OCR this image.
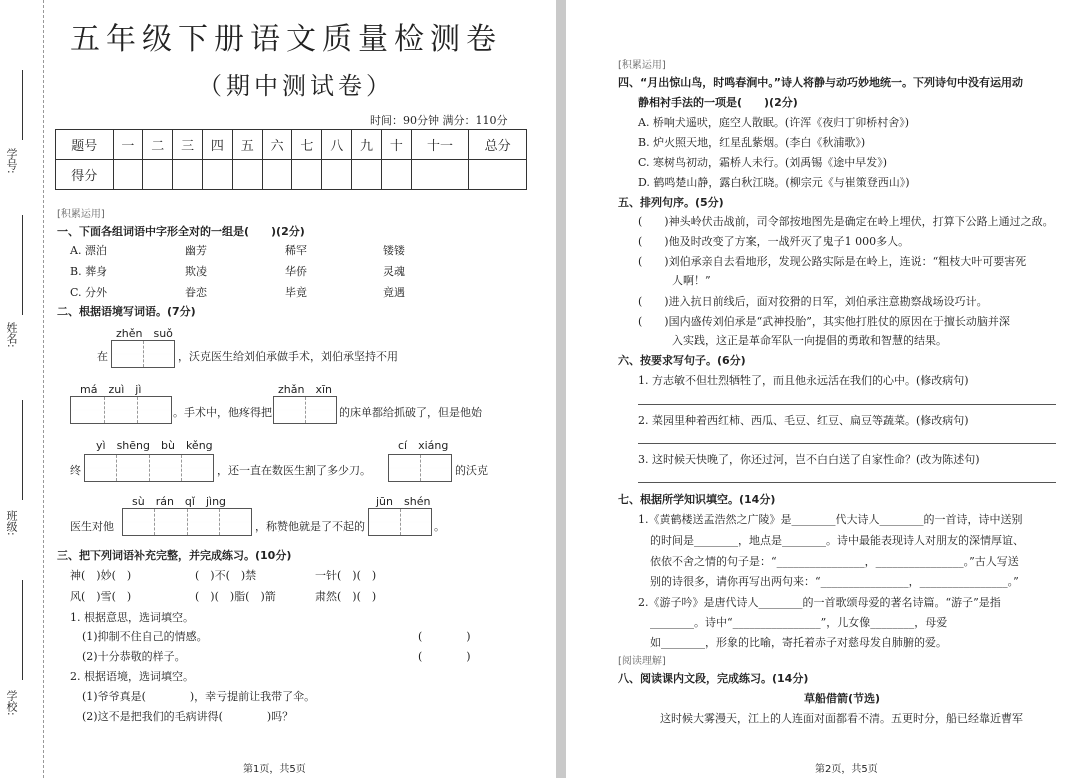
学号:
姓名:
班级:
学校:
五年级下册语文质量检测卷
（期中测试卷）
时间：90分钟 满分：110分
题号	一	二	三	四	五	六	七	八	九	十	十一	总分
得分												
[积累运用]
一、下面各组词语中字形全对的一组是(　　)(2分)
A. 漂泊	幽芳	稀罕	镂镂
B. 葬身	欺凌	华侨	灵魂
C. 分外	眷恋	毕竟	竟遇
二、根据语境写词语。(7分)
zhěn　suǒ
在	，沃克医生给刘伯承做手术，刘伯承坚持不用
má　zuì　jì	zhǎn　xīn
。手术中，他疼得把	的床单都给抓破了，但是他始
yì　shēng　bù　kěng	cí　xiáng
终	，还一直在数医生割了多少刀。	的沃克
sù　rán　qǐ　jìng	jūn　shén
医生对他	，称赞他就是了不起的	。
三、把下列词语补充完整，并完成练习。(10分)
神(　)妙(　)	(　)不(　)禁	一针(　)(　)
风(　)雪(　)	(　)(　)脂(　)箭	肃然(　)(　)
1. 根据意思，选词填空。
(1)抑制不住自己的情感。	(　　　　)
(2)十分恭敬的样子。	(　　　　)
2. 根据语境，选词填空。
(1)爷爷真是(　　　　)，幸亏提前让我带了伞。
(2)这不是把我们的毛病讲得(　　　　)吗？
第1页，共5页
[积累运用]
四、“月出惊山鸟，时鸣春涧中。”诗人将静与动巧妙地统一。下列诗句中没有运用动
静相衬手法的一项是(　　)(2分)
A. 桥响犬遥吠，庭空人散眠。(许浑《夜归丁卯桥村舍》)
B. 炉火照天地，红星乱紫烟。(李白《秋浦歌》)
C. 寒树鸟初动，霜桥人未行。(刘禹锡《途中早发》)
D. 鹤鸣楚山静，露白秋江晓。(柳宗元《与崔策登西山》)
五、排列句序。(5分)
(　　)神头岭伏击战前，司令部按地图先是确定在岭上埋伏，打算下公路上通过之敌。
(　　)他及时改变了方案，一战歼灭了鬼子1 000多人。
(　　)刘伯承亲自去看地形，发现公路实际是在岭上，连说：“粗枝大叶可要害死
人啊！”
(　　)进入抗日前线后，面对狡猾的日军，刘伯承注意勘察战场设巧计。
(　　)国内盛传刘伯承是“武神投胎”，其实他打胜仗的原因在于擅长动脑并深
入实践，这正是革命军队一向提倡的勇敢和智慧的结果。
六、按要求写句子。(6分)
1. 方志敏不但壮烈牺牲了，而且他永远活在我们的心中。(修改病句)
2. 菜园里种着西红柿、西瓜、毛豆、红豆、扁豆等蔬菜。(修改病句)
3. 这时候天快晚了，你还过河，岂不白白送了自家性命？(改为陈述句)
七、根据所学知识填空。(14分)
1.《黄鹤楼送孟浩然之广陵》是________代大诗人________的一首诗，诗中送别
的时间是________，地点是________。诗中最能表现诗人对朋友的深情厚谊、
依依不舍之情的句子是：“________________，________________。”古人写送
别的诗很多，请你再写出两句来：“________________，________________。”
2.《游子吟》是唐代诗人________的一首歌颂母爱的著名诗篇。“游子”是指
________。诗中“________________”，儿女像________，母爱
如________，形象的比喻，寄托着赤子对慈母发自肺腑的爱。
[阅读理解]
八、阅读课内文段，完成练习。(14分)
草船借箭(节选)
这时候大雾漫天，江上的人连面对面都看不清。五更时分，船已经靠近曹军
第2页，共5页
